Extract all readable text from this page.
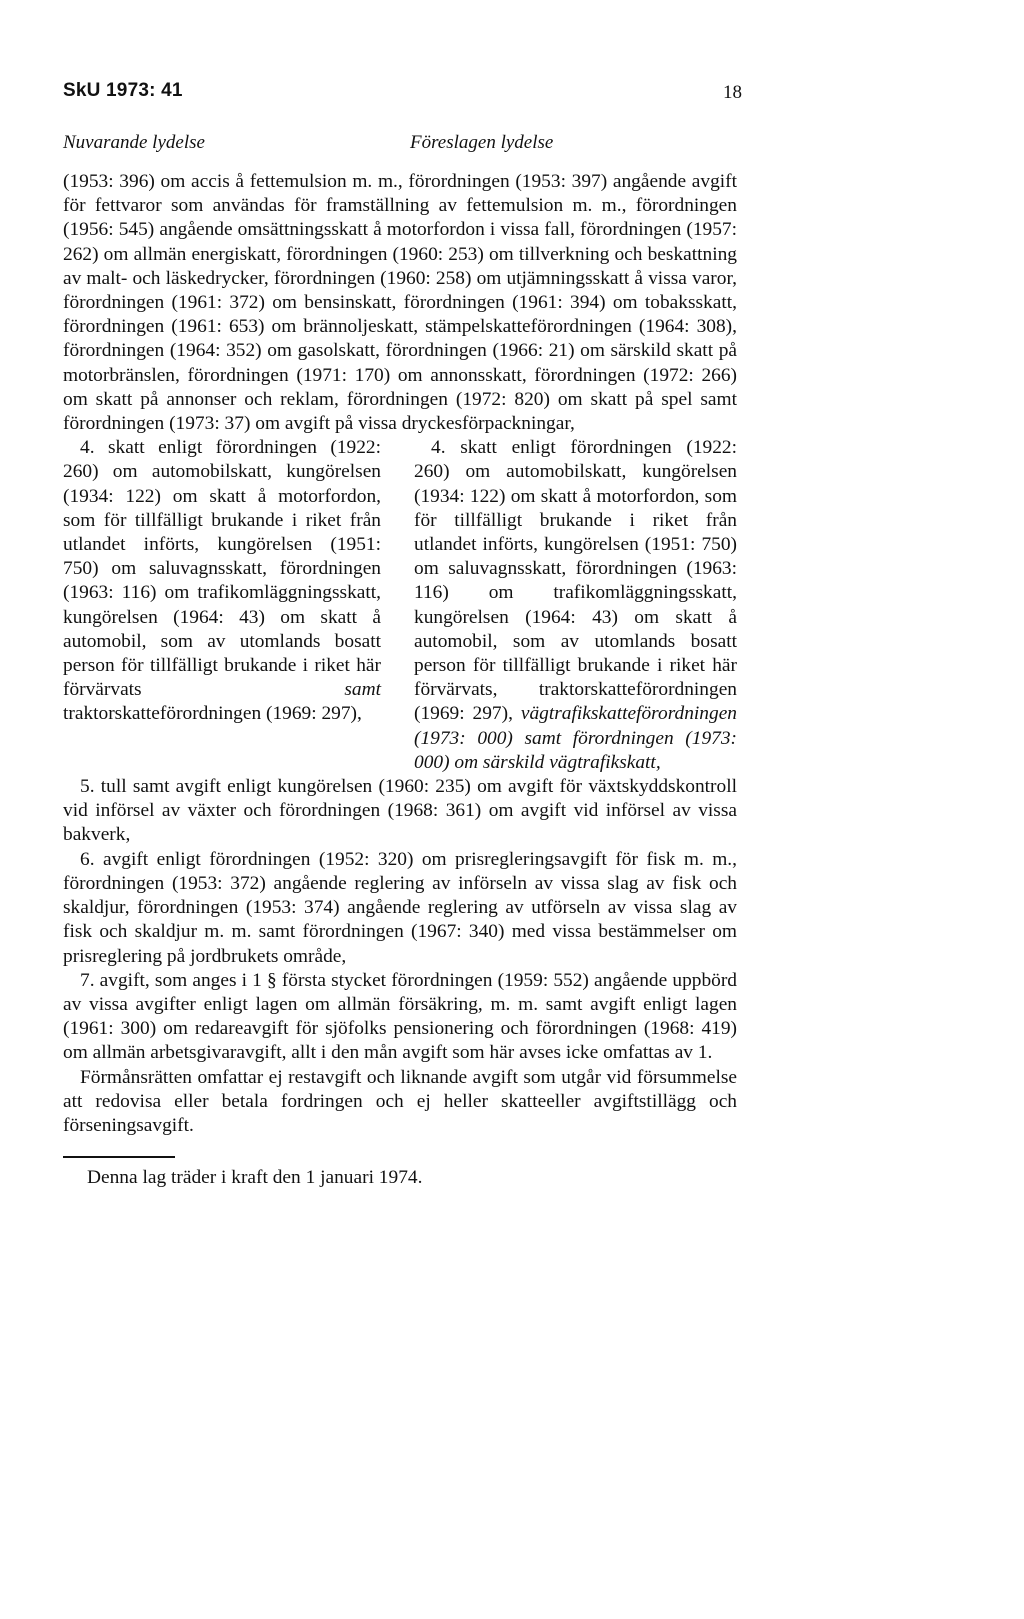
SkU 1973: 41	18
Nuvarande lydelse	Föreslagen lydelse

(1953: 396) om accis å fettemulsion m. m., förordningen (1953: 397) angående avgift för fettvaror som användas för framställning av fettemulsion m. m., förordningen (1956: 545) angående omsättningsskatt å motorfordon i vissa fall, förordningen (1957: 262) om allmän energiskatt, förordningen (1960: 253) om tillverkning och beskattning av malt- och läskedrycker, förordningen (1960: 258) om utjämningsskatt å vissa varor, förordningen (1961: 372) om bensinskatt, förordningen (1961: 394) om tobaksskatt, förordningen (1961: 653) om brännoljeskatt, stämpelskatteförordningen (1964: 308), förordningen (1964: 352) om gasolskatt, förordningen (1966: 21) om särskild skatt på motorbränslen, förordningen (1971: 170) om annonsskatt, förordningen (1972: 266) om skatt på annonser och reklam, förordningen (1972: 820) om skatt på spel samt förordningen (1973: 37) om avgift på vissa dryckesförpackningar,

4. skatt enligt förordningen (1922: 260) om automobilskatt, kungörelsen (1934: 122) om skatt å motorfordon, som för tillfälligt brukande i riket från utlandet införts, kungörelsen (1951: 750) om saluvagnsskatt, förordningen (1963: 116) om trafikomläggningsskatt, kungörelsen (1964: 43) om skatt å automobil, som av utomlands bosatt person för tillfälligt brukande i riket här förvärvats	samt traktorskatteförordningen (1969: 297),
4. skatt enligt förordningen (1922: 260) om automobilskatt, kungörelsen (1934: 122) om skatt å motorfordon, som för tillfälligt brukande i riket från utlandet införts, kungörelsen (1951: 750) om saluvagnsskatt, förordningen (1963: 116) om trafikomläggningsskatt, kungörelsen (1964: 43) om skatt å automobil, som av utomlands bosatt person för tillfälligt brukande i riket här förvärvats, traktorskatteförordningen (1969: 297), vägtrafikskatteförordningen (1973: 000) samt förordningen (1973: 000) om särskild vägtrafikskatt,

5. tull samt avgift enligt kungörelsen (1960: 235) om avgift för växtskyddskontroll vid införsel av växter och förordningen (1968: 361) om avgift vid införsel av vissa bakverk,

6. avgift enligt förordningen (1952: 320) om prisregleringsavgift för fisk m. m., förordningen (1953: 372) angående reglering av införseln av vissa slag av fisk och skaldjur, förordningen (1953: 374) angående reglering av utförseln av vissa slag av fisk och skaldjur m. m. samt förordningen (1967: 340) med vissa bestämmelser om prisreglering på jordbrukets område,

7. avgift, som anges i 1 § första stycket förordningen (1959: 552) angående uppbörd av vissa avgifter enligt lagen om allmän försäkring, m. m. samt avgift enligt lagen (1961: 300) om redareavgift för sjöfolks pensionering och förordningen (1968: 419) om allmän arbetsgivaravgift, allt i den mån avgift som här avses icke omfattas av 1.

Förmånsrätten omfattar ej restavgift och liknande avgift som utgår vid försummelse att redovisa eller betala fordringen och ej heller skatteeller avgiftstillägg och förseningsavgift.

Denna lag träder i kraft den 1 januari 1974.
